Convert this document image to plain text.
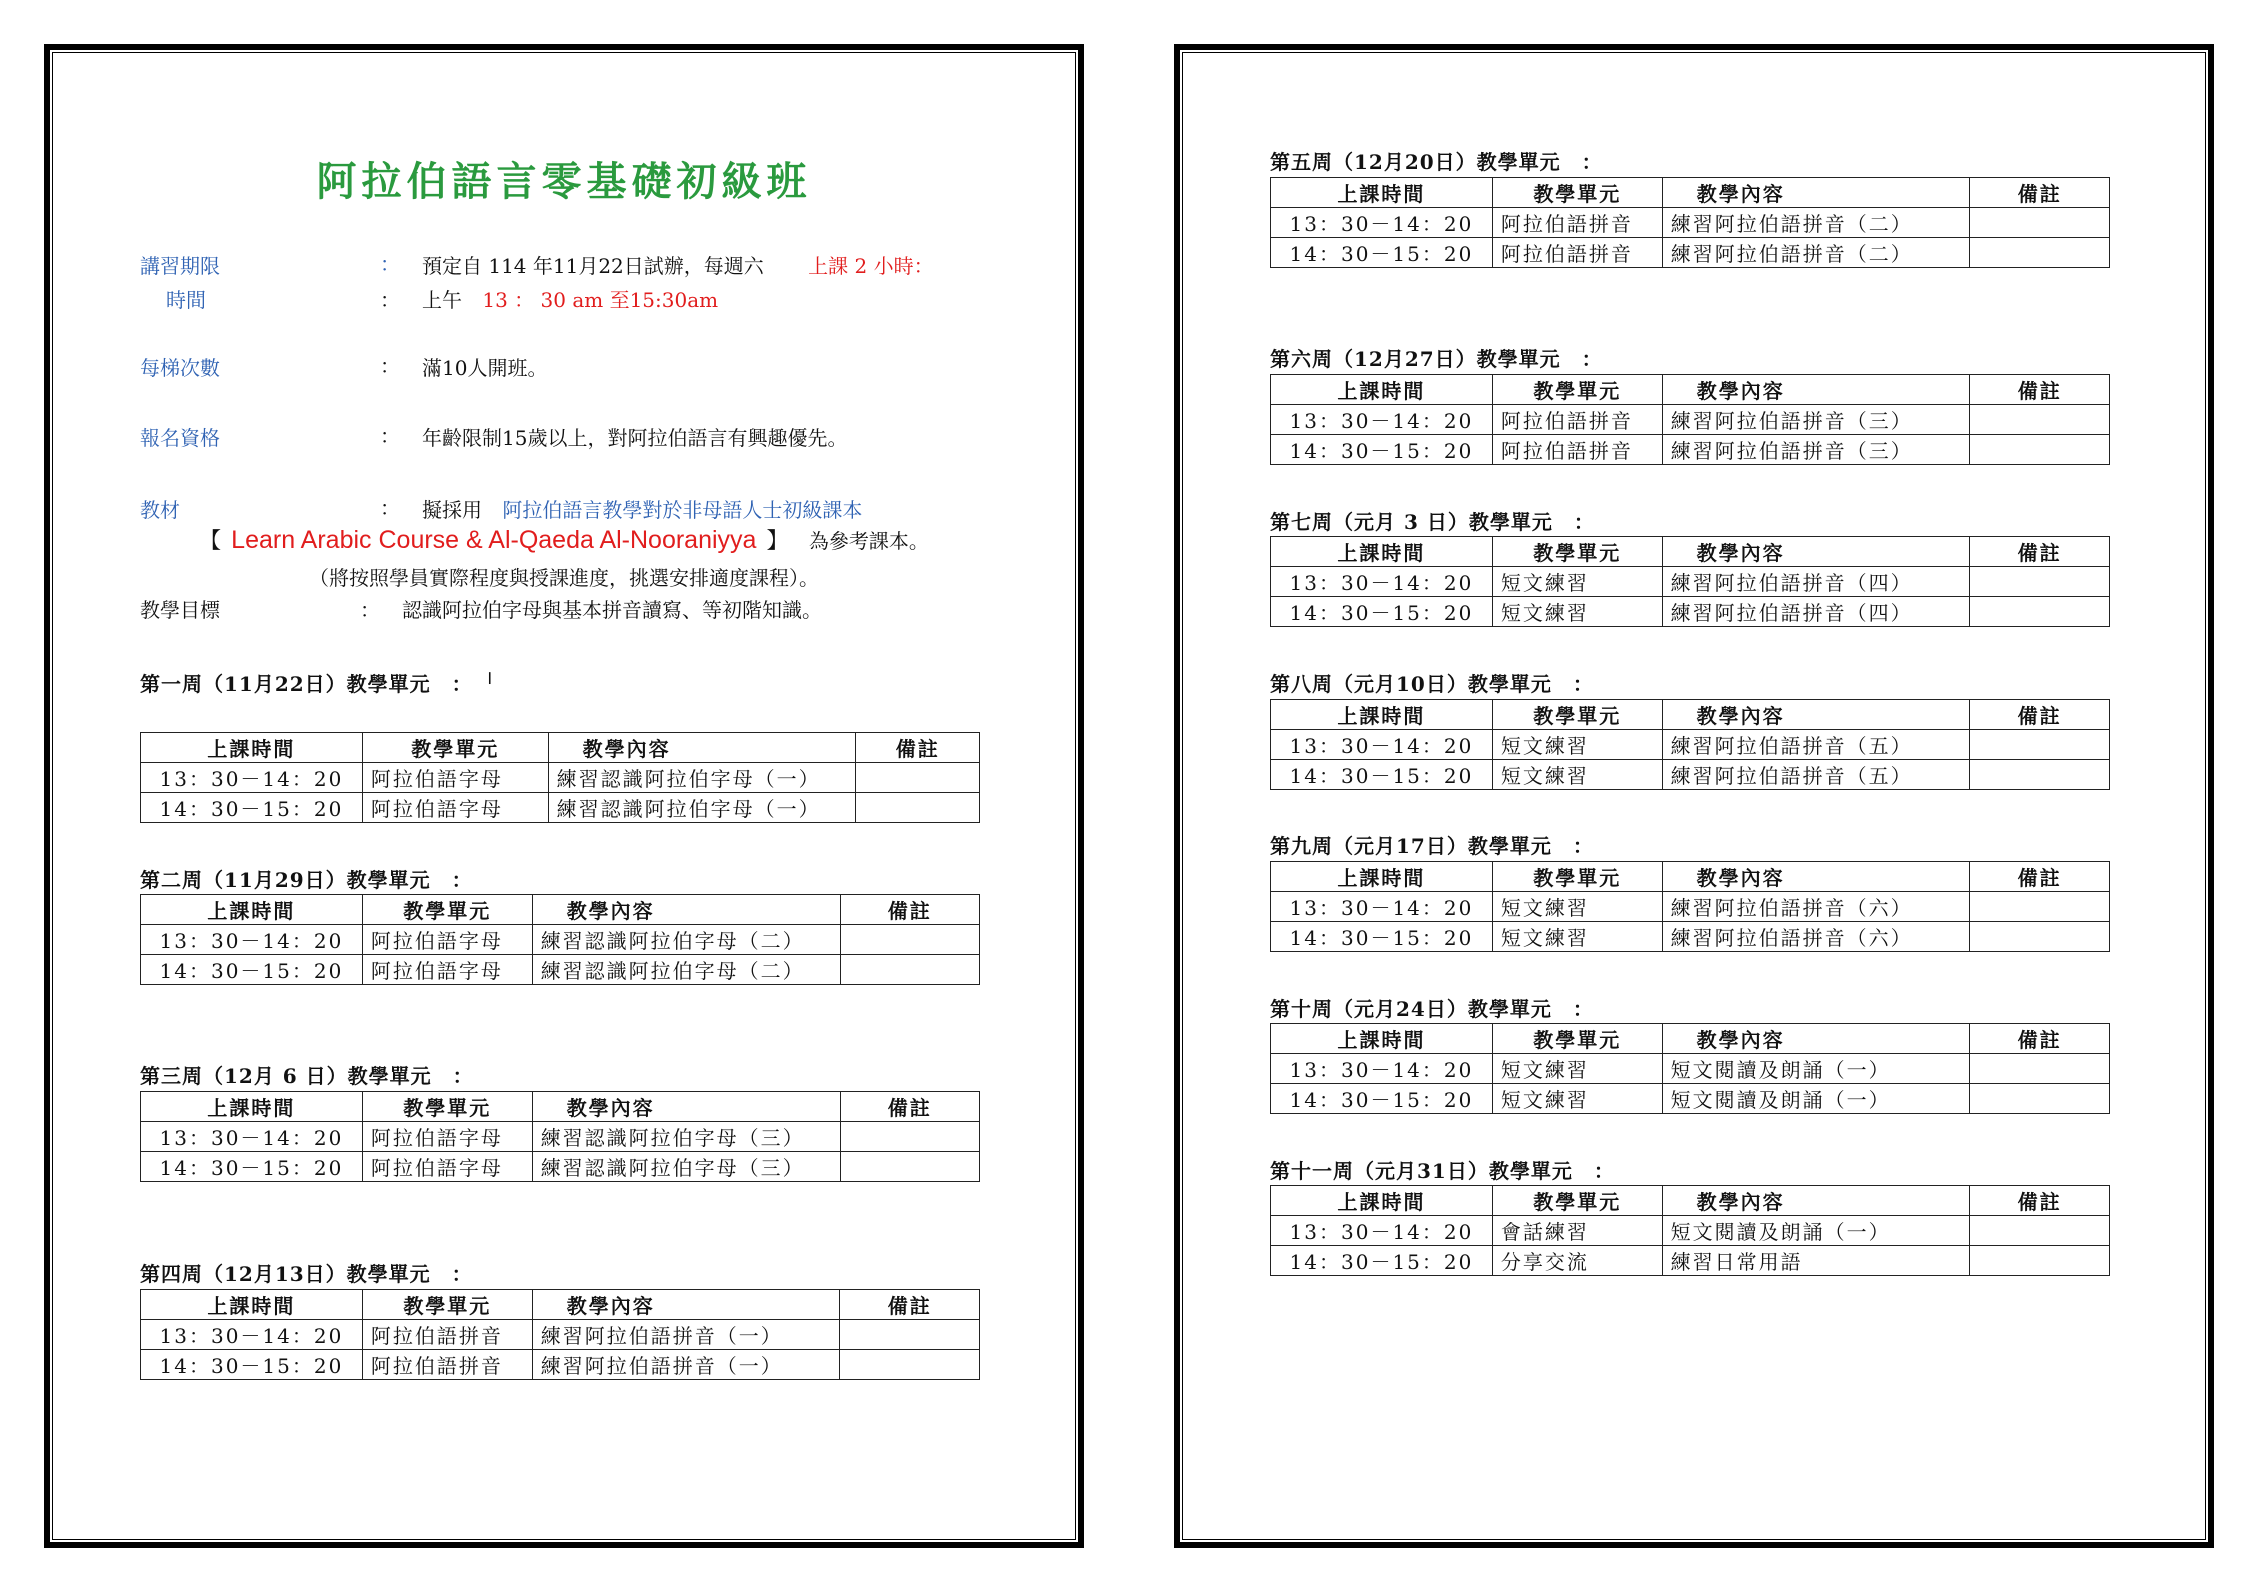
阿拉伯語言零基礎初級班
講習期限	： 預定自 114 年11月22日試辦，每週六 上課 2 小時：
時間	： 上午 13 ： 30 am 至15:30am
每梯次數	： 滿10人開班。
報名資格	： 年齡限制15歲以上，對阿拉伯語言有興趣優先。
教材	： 擬採用 阿拉伯語言教學對於非母語人士初級課本
【 Learn Arabic Course & Al-Qaeda Al-Nooraniyya 】 為參考課本。
（將按照學員實際程度與授課進度，挑選安排適度課程）。
教學目標	： 認識阿拉伯字母與基本拼音讀寫、等初階知識。
第一周（11月22日）教學單元　：　╵
上課時間	教學單元	教學內容	備註
13：30－14：20	阿拉伯語字母	練習認識阿拉伯字母（一）	
14：30－15：20	阿拉伯語字母	練習認識阿拉伯字母（一）	
第二周（11月29日）教學單元　：
上課時間	教學單元	教學內容	備註
13：30－14：20	阿拉伯語字母	練習認識阿拉伯字母（二）	
14：30－15：20	阿拉伯語字母	練習認識阿拉伯字母（二）	
第三周（12月 6 日）教學單元　：
上課時間	教學單元	教學內容	備註
13：30－14：20	阿拉伯語字母	練習認識阿拉伯字母（三）	
14：30－15：20	阿拉伯語字母	練習認識阿拉伯字母（三）	
第四周（12月13日）教學單元　：
上課時間	教學單元	教學內容	備註
13：30－14：20	阿拉伯語拼音	練習阿拉伯語拼音（一）	
14：30－15：20	阿拉伯語拼音	練習阿拉伯語拼音（一）	
第五周（12月20日）教學單元　：
上課時間	教學單元	教學內容	備註
13：30－14：20	阿拉伯語拼音	練習阿拉伯語拼音（二）	
14：30－15：20	阿拉伯語拼音	練習阿拉伯語拼音（二）	
第六周（12月27日）教學單元　：
上課時間	教學單元	教學內容	備註
13：30－14：20	阿拉伯語拼音	練習阿拉伯語拼音（三）	
14：30－15：20	阿拉伯語拼音	練習阿拉伯語拼音（三）	
第七周（元月 3 日）教學單元　：
上課時間	教學單元	教學內容	備註
13：30－14：20	短文練習	練習阿拉伯語拼音（四）	
14：30－15：20	短文練習	練習阿拉伯語拼音（四）	
第八周（元月10日）教學單元　：
上課時間	教學單元	教學內容	備註
13：30－14：20	短文練習	練習阿拉伯語拼音（五）	
14：30－15：20	短文練習	練習阿拉伯語拼音（五）	
第九周（元月17日）教學單元　：
上課時間	教學單元	教學內容	備註
13：30－14：20	短文練習	練習阿拉伯語拼音（六）	
14：30－15：20	短文練習	練習阿拉伯語拼音（六）	
第十周（元月24日）教學單元　：
上課時間	教學單元	教學內容	備註
13：30－14：20	短文練習	短文閱讀及朗誦（一）	
14：30－15：20	短文練習	短文閱讀及朗誦（一）	
第十一周（元月31日）教學單元　：
上課時間	教學單元	教學內容	備註
13：30－14：20	會話練習	短文閱讀及朗誦（一）	
14：30－15：20	分享交流	練習日常用語	
